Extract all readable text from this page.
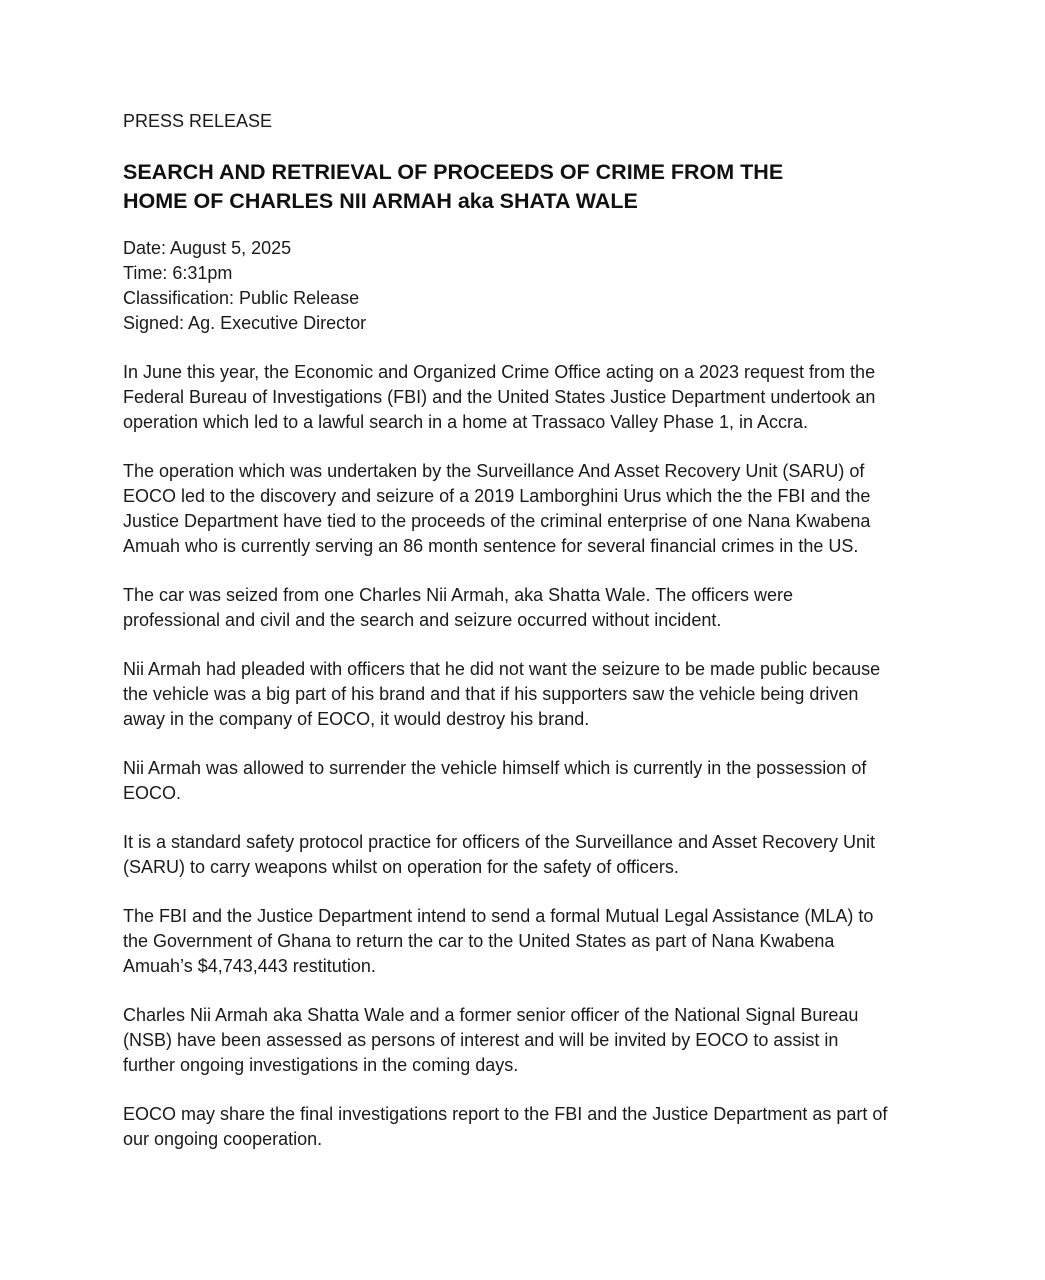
PRESS RELEASE

SEARCH AND RETRIEVAL OF PROCEEDS OF CRIME FROM THE
HOME OF CHARLES NII ARMAH aka SHATA WALE

Date: August 5, 2025

Time: 6:31pm

Classification: Public Release

Signed: Ag. Executive Director

In June this year, the Economic and Organized Crime Office acting on a 2023 request from the
Federal Bureau of Investigations (FBI) and the United States Justice Department undertook an
operation which led to a lawful search in a home at Trassaco Valley Phase 1, in Accra.
The operation which was undertaken by the Surveillance And Asset Recovery Unit (SARU) of
EOCO led to the discovery and seizure of a 2019 Lamborghini Urus which the the FBI and the
Justice Department have tied to the proceeds of the criminal enterprise of one Nana Kwabena
Amuah who is currently serving an 86 month sentence for several financial crimes in the US.
The car was seized from one Charles Nii Armah, aka Shatta Wale. The officers were
professional and civil and the search and seizure occurred without incident.
Nii Armah had pleaded with officers that he did not want the seizure to be made public because
the vehicle was a big part of his brand and that if his supporters saw the vehicle being driven
away in the company of EOCO, it would destroy his brand.
Nii Armah was allowed to surrender the vehicle himself which is currently in the possession of
EOCO.
It is a standard safety protocol practice for officers of the Surveillance and Asset Recovery Unit
(SARU) to carry weapons whilst on operation for the safety of officers.
The FBI and the Justice Department intend to send a formal Mutual Legal Assistance (MLA) to
the Government of Ghana to return the car to the United States as part of Nana Kwabena
Amuah’s $4,743,443 restitution.
Charles Nii Armah aka Shatta Wale and a former senior officer of the National Signal Bureau
(NSB) have been assessed as persons of interest and will be invited by EOCO to assist in
further ongoing investigations in the coming days.
EOCO may share the final investigations report to the FBI and the Justice Department as part of
our ongoing cooperation.
